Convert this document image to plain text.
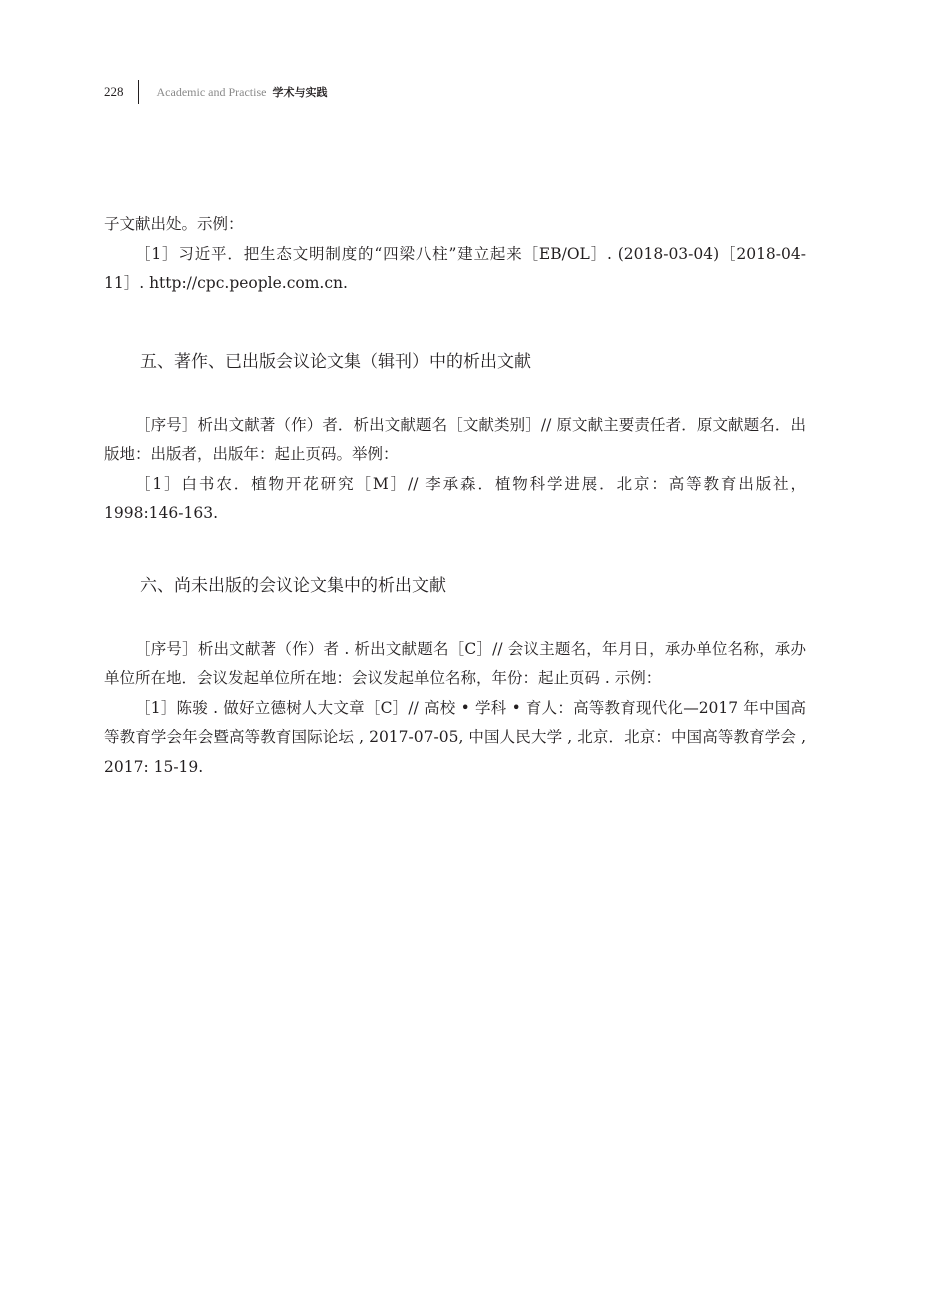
228	Academic and Practise 学术与实践

子文献出处。示例：

［1］习近平．把生态文明制度的“四梁八柱”建立起来［EB/OL］. (2018-03-04)［2018-04-11］. http://cpc.people.com.cn.

五、著作、已出版会议论文集（辑刊）中的析出文献

［序号］析出文献著（作）者．析出文献题名［文献类别］// 原文献主要责任者．原文献题名．出版地：出版者，出版年：起止页码。举例：

［1］白书农．植物开花研究［M］// 李承森．植物科学进展．北京：高等教育出版社，1998:146-163.

六、尚未出版的会议论文集中的析出文献

［序号］析出文献著（作）者 . 析出文献题名［C］// 会议主题名，年月日，承办单位名称，承办单位所在地．会议发起单位所在地：会议发起单位名称，年份：起止页码 . 示例：

［1］陈骏 . 做好立德树人大文章［C］// 高校 • 学科 • 育人：高等教育现代化—2017 年中国高等教育学会年会暨高等教育国际论坛 , 2017-07-05, 中国人民大学 , 北京．北京：中国高等教育学会 , 2017: 15-19.
